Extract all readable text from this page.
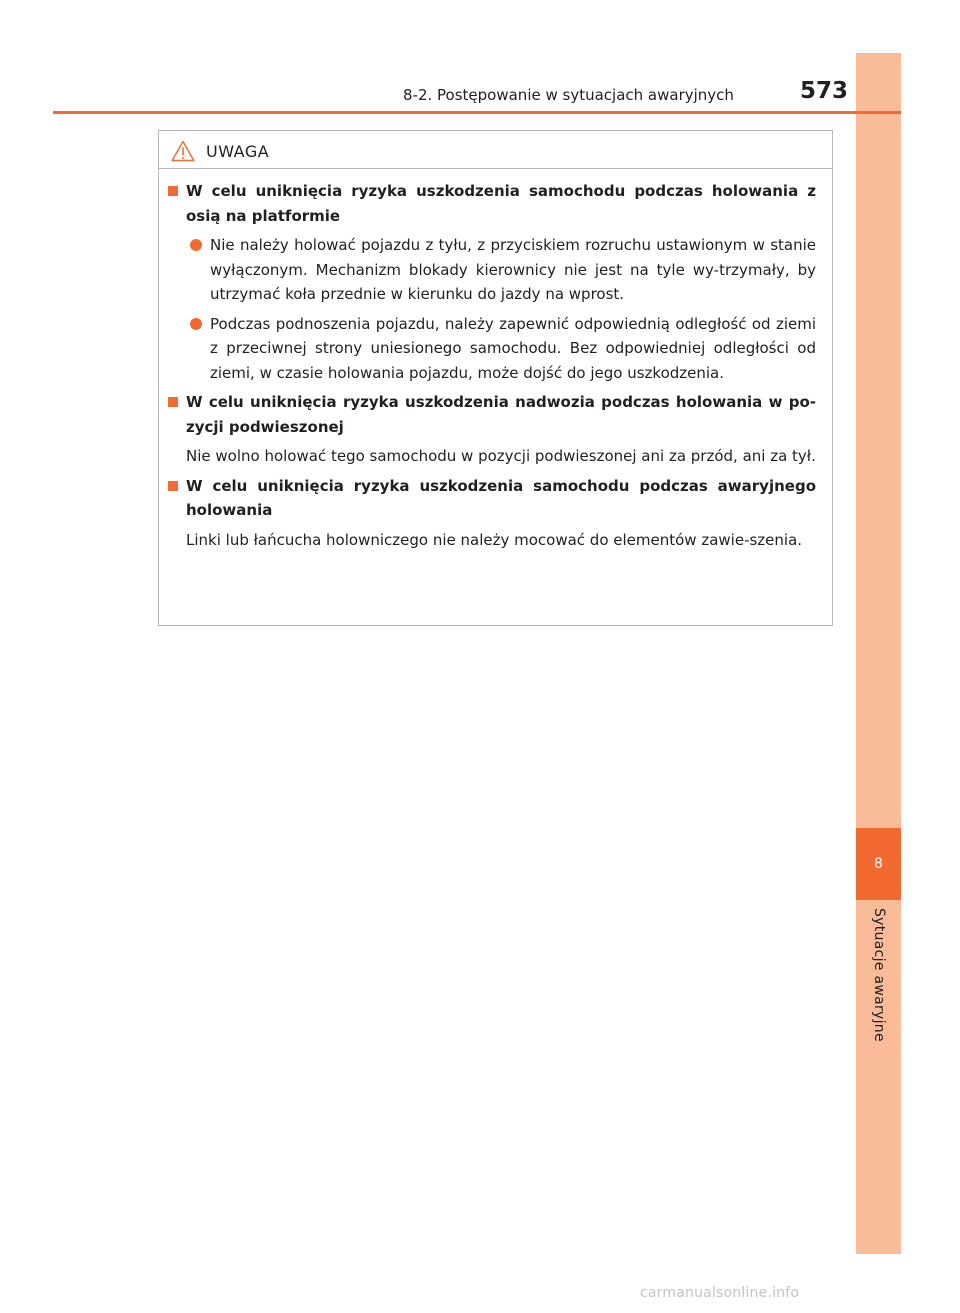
8
Sytuacje awaryjne
8-2. Postępowanie w sytuacjach awaryjnych	573
UWAGA
W celu uniknięcia ryzyka uszkodzenia samochodu podczas holowania z osią na platformie
Nie należy holować pojazdu z tyłu, z przyciskiem rozruchu ustawionym w stanie wyłączonym. Mechanizm blokady kierownicy nie jest na tyle wy-trzymały, by utrzymać koła przednie w kierunku do jazdy na wprost.
Podczas podnoszenia pojazdu, należy zapewnić odpowiednią odległość od ziemi z przeciwnej strony uniesionego samochodu. Bez odpowiedniej odległości od ziemi, w czasie holowania pojazdu, może dojść do jego uszkodzenia.
W celu uniknięcia ryzyka uszkodzenia nadwozia podczas holowania w po-zycji podwieszonej
Nie wolno holować tego samochodu w pozycji podwieszonej ani za przód, ani za tył.
W celu uniknięcia ryzyka uszkodzenia samochodu podczas awaryjnego holowania
Linki lub łańcucha holowniczego nie należy mocować do elementów zawie-szenia.
carmanualsonline.info
